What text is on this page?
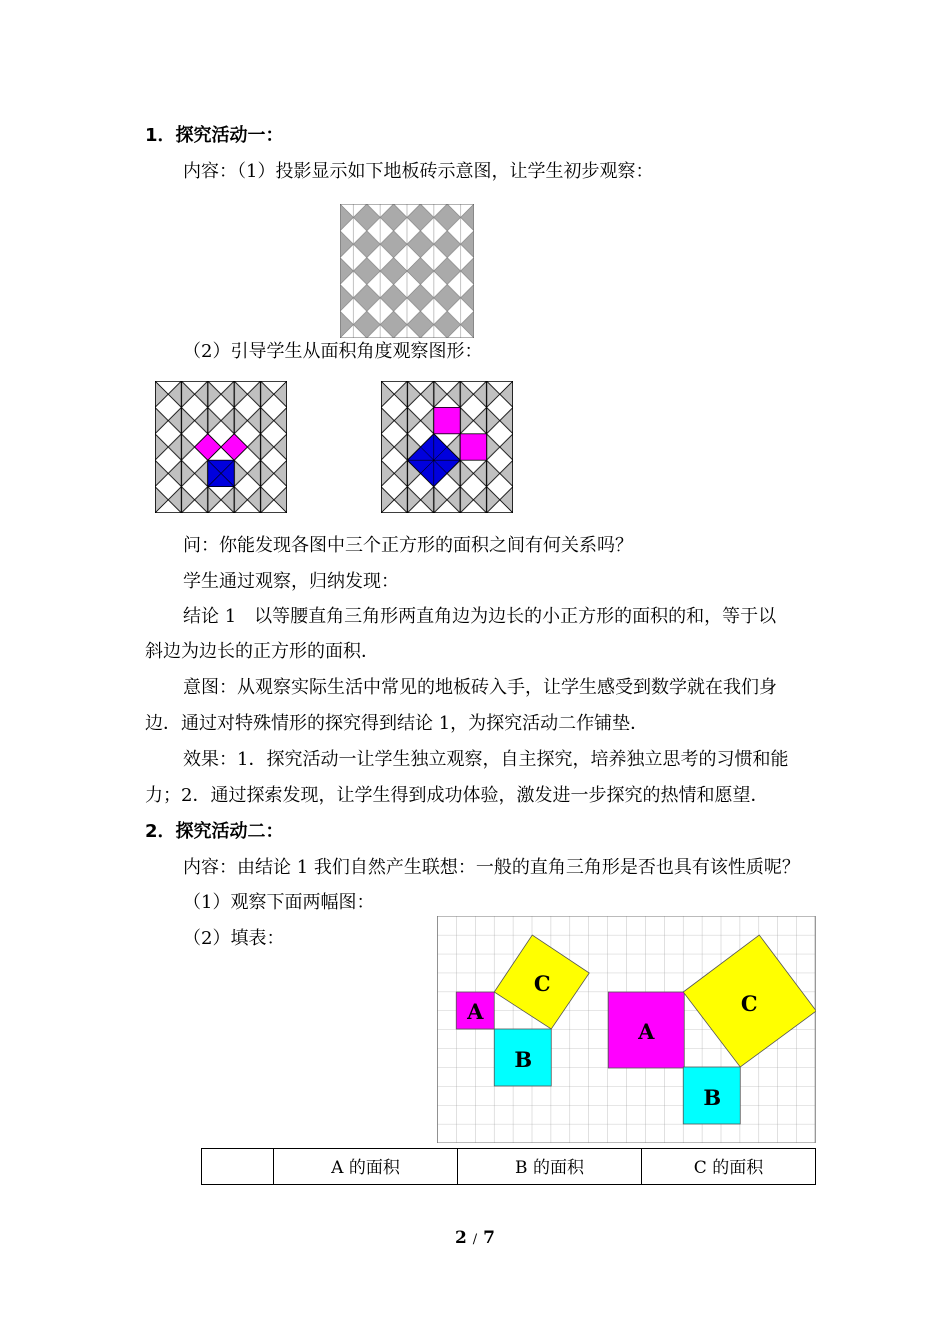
1．探究活动一：
内容：（1）投影显示如下地板砖示意图，让学生初步观察：
（2）引导学生从面积角度观察图形：
问：你能发现各图中三个正方形的面积之间有何关系吗？
学生通过观察，归纳发现：
结论 1　以等腰直角三角形两直角边为边长的小正方形的面积的和，等于以
斜边为边长的正方形的面积．
意图：从观察实际生活中常见的地板砖入手，让学生感受到数学就在我们身
边．通过对特殊情形的探究得到结论 1，为探究活动二作铺垫．
效果：1．探究活动一让学生独立观察，自主探究，培养独立思考的习惯和能
力；2．通过探索发现，让学生得到成功体验，激发进一步探究的热情和愿望．
2．探究活动二：
内容：由结论 1 我们自然产生联想：一般的直角三角形是否也具有该性质呢？
（1）观察下面两幅图：
（2）填表：
A
B
C
A
B
C
	A 的面积	B 的面积	C 的面积
2 / 7
